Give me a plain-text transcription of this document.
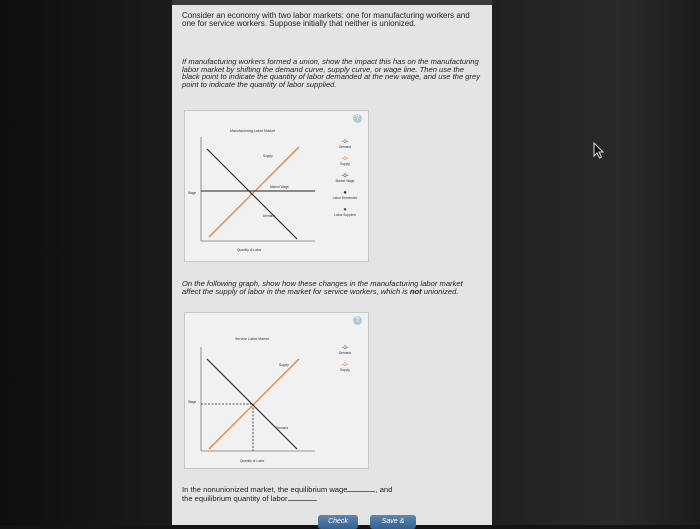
Consider an economy with two labor markets: one for manufacturing workers and one for service workers. Suppose initially that neither is unionized.
If manufacturing workers formed a union, show the impact this has on the manufacturing labor market by shifting the demand curve, supply curve, or wage line. Then use the black point to indicate the quantity of labor demanded at the new wage, and use the grey point to indicate the quantity of labor supplied.
?
Manufacturing Labor Market
Wage
Quantity of Labor
Supply
Market Wage
Demand
-o-
Demand
-o-
Supply
-o-
Market Wage
●
Labor Demanded
●
Labor Supplied
On the following graph, show how these changes in the manufacturing labor market affect the supply of labor in the market for service workers, which is not unionized.
?
Service Labor Market
Wage
Quantity of Labor
Supply
Demand
-o-
Demand
-o-
Supply
In the nonunionized market, the equilibrium wage	, and
the equilibrium quantity of labor	.
Check	Save &
